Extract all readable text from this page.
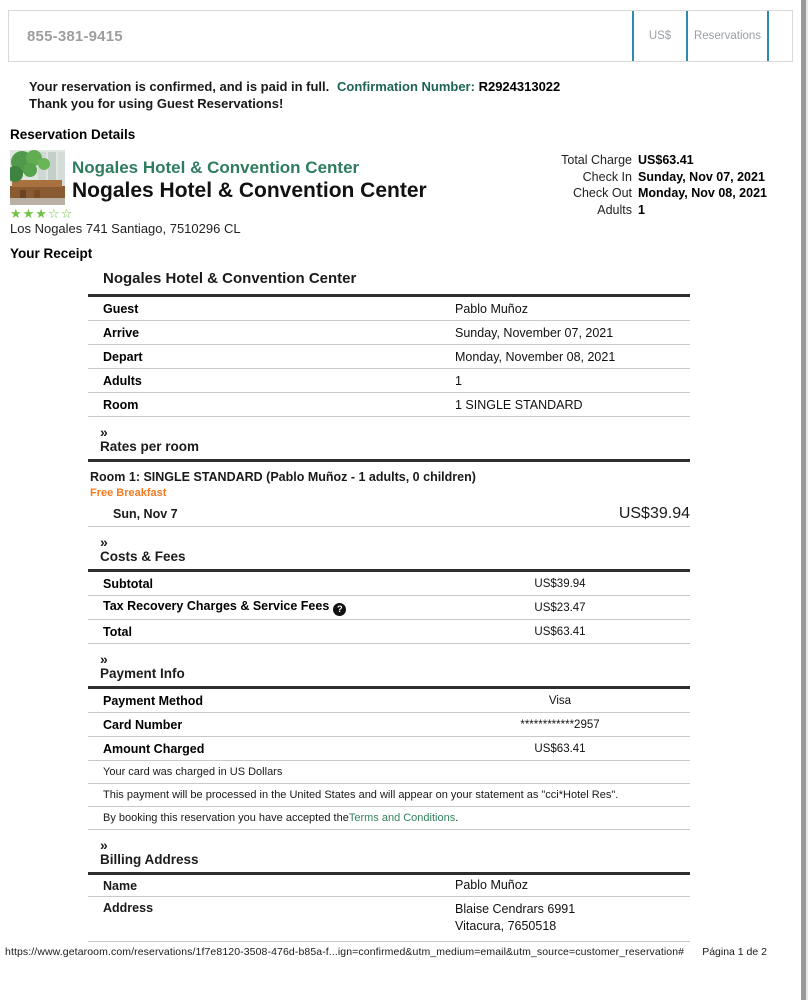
855-381-9415	US$ Reservations
Your reservation is confirmed, and is paid in full.
Thank you for using Guest Reservations!
Confirmation Number: R2924313022
Reservation Details
Nogales Hotel & Convention Center
Nogales Hotel & Convention Center
★★★☆☆
Los Nogales 741 Santiago, 7510296 CL
Total Charge US$63.41
Check In Sunday, Nov 07, 2021
Check Out Monday, Nov 08, 2021
Adults 1
Your Receipt
Nogales Hotel & Convention Center
Guest	Pablo Muñoz
Arrive	Sunday, November 07, 2021
Depart	Monday, November 08, 2021
Adults	1
Room	1 SINGLE STANDARD
»
Rates per room
Room 1: SINGLE STANDARD (Pablo Muñoz - 1 adults, 0 children)
Free Breakfast
Sun, Nov 7	US$39.94
»
Costs & Fees
Subtotal	US$39.94
Tax Recovery Charges & Service Fees ?	US$23.47
Total	US$63.41
»
Payment Info
Payment Method	Visa
Card Number	************2957
Amount Charged	US$63.41
Your card was charged in US Dollars
This payment will be processed in the United States and will appear on your statement as "cci*Hotel Res".
By booking this reservation you have accepted the Terms and Conditions .
»
Billing Address
Name	Pablo Muñoz
Address	Blaise Cendrars 6991
Vitacura, 7650518
https://www.getaroom.com/reservations/1f7e8120-3508-476d-b85a-f...ign=confirmed&utm_medium=email&utm_source=customer_reservation#	Página 1 de 2
